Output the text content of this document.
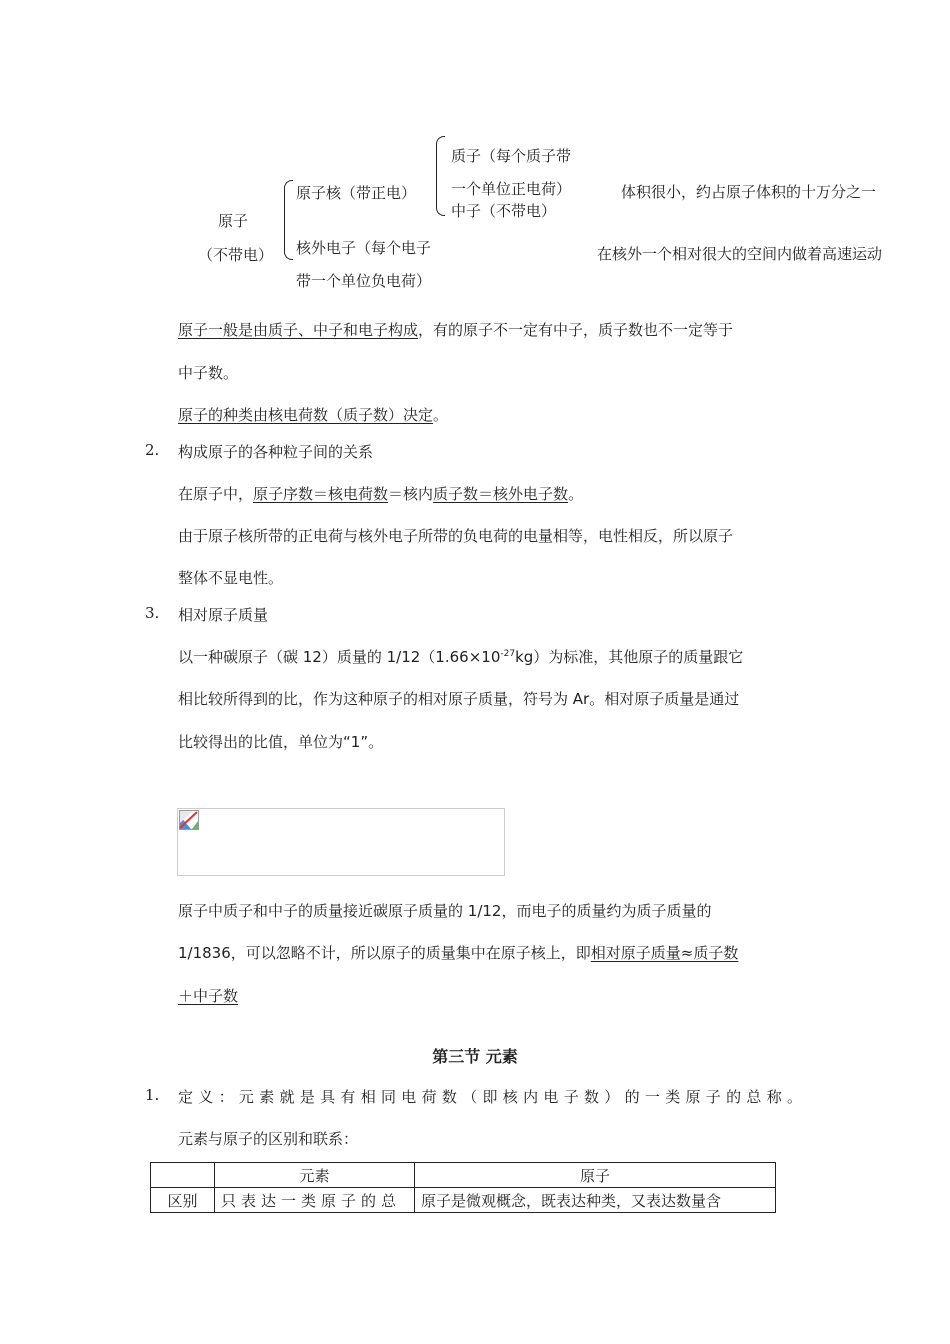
原子
（不带电）
原子核（带正电）
质子（每个质子带
一个单位正电荷）
中子（不带电）
体积很小，约占原子体积的十万分之一
核外电子（每个电子
带一个单位负电荷）
在核外一个相对很大的空间内做着高速运动
原子一般是由质子、中子和电子构成，有的原子不一定有中子，质子数也不一定等于
中子数。
原子的种类由核电荷数（质子数）决定。
2. 构成原子的各种粒子间的关系
在原子中，原子序数＝核电荷数＝核内质子数＝核外电子数。
由于原子核所带的正电荷与核外电子所带的负电荷的电量相等，电性相反，所以原子
整体不显电性。
3. 相对原子质量
以一种碳原子（碳 12）质量的 $1/12(1.66\times 10^{-27}kg)$为标准，其他原子的质量跟它
相比较所得到的比，作为这种原子的相对原子质量，符号为 Ar。相对原子质量是通过
比较得出的比值，单位为“1”。
原子中质子和中子的质量接近碳原子质量的 1/12，而电子的质量约为质子质量的
1/1836，可以忽略不计，所以原子的质量集中在原子核上，即相对原子质量≈质子数
＋中子数
第三节 元素
1. 定义：元素就是具有相同电荷数（即核内电子数）的一类原子的总称。
元素与原子的区别和联系：
	元素	原子
区别	只表达一类原子的总	原子是微观概念，既表达种类，又表达数量含
